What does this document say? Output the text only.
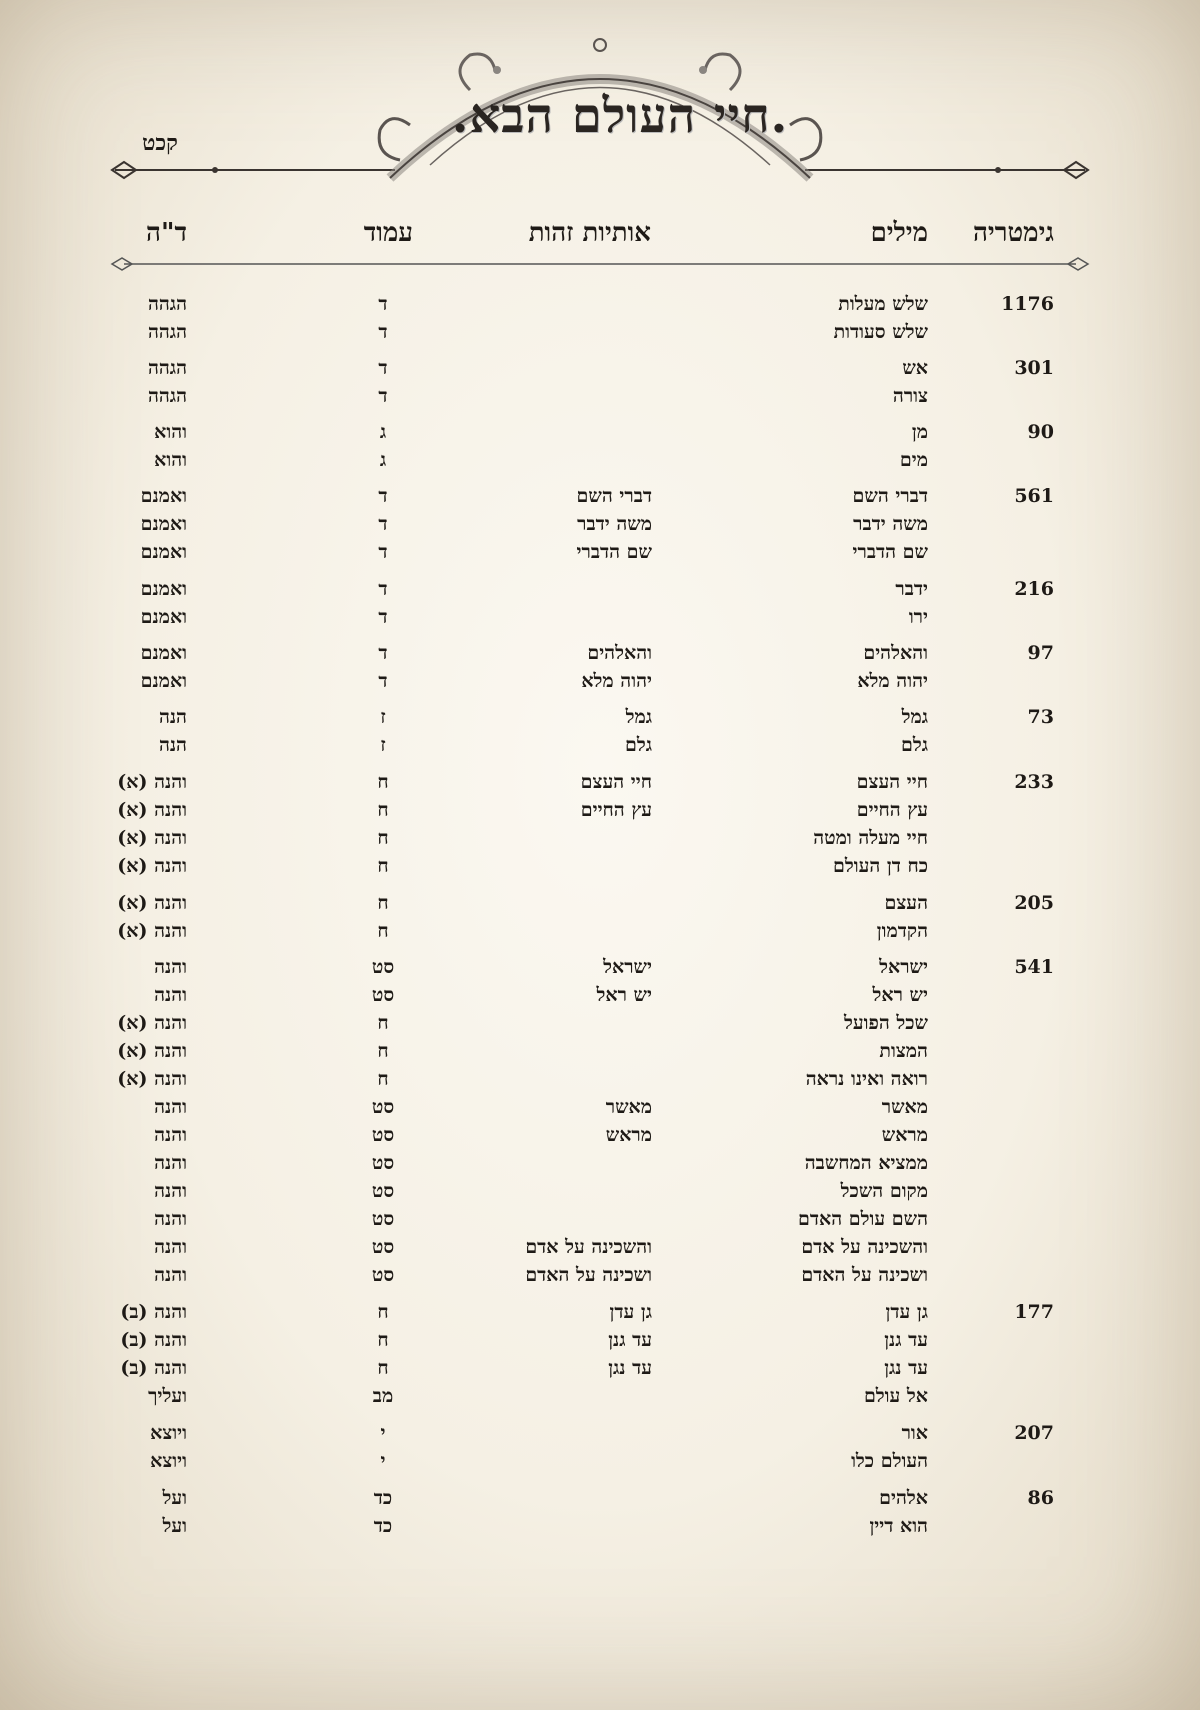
קכט	.חיי העולם הבא.
גימטריה
מילים
אותיות זהות
עמוד
ד"ה
1176
שלש מעלות
ד
הגהה
שלש סעודות
ד
הגהה
301
אש
ד
הגהה
צורה
ד
הגהה
90
מן
ג
והוא
מים
ג
והוא
561
דברי השם
דברי השם
ד
ואמנם
משה ידבר
משה ידבר
ד
ואמנם
שם הדברי
שם הדברי
ד
ואמנם
216
ידבר
ד
ואמנם
ירו
ד
ואמנם
97
והאלהים
והאלהים
ד
ואמנם
יהוה מלא
יהוה מלא
ד
ואמנם
73
גמל
גמל
ז
הנה
גלם
גלם
ז
הנה
233
חיי העצם
חיי העצם
ח
והנה (א)
עץ החיים
עץ החיים
ח
והנה (א)
חיי מעלה ומטה
ח
והנה (א)
כח דן העולם
ח
והנה (א)
205
העצם
ח
והנה (א)
הקדמון
ח
והנה (א)
541
ישראל
ישראל
סט
והנה
יש ראל
יש ראל
סט
והנה
שכל הפועל
ח
והנה (א)
המצות
ח
והנה (א)
רואה ואינו נראה
ח
והנה (א)
מאשר
מאשר
סט
והנה
מראש
מראש
סט
והנה
ממציא המחשבה
סט
והנה
מקום השכל
סט
והנה
השם עולם האדם
סט
והנה
והשכינה על אדם
והשכינה על אדם
סט
והנה
ושכינה על האדם
ושכינה על האדם
סט
והנה
177
גן עדן
גן עדן
ח
והנה (ב)
עד גנן
עד גנן
ח
והנה (ב)
עד נגן
עד נגן
ח
והנה (ב)
אל עולם
מב
ועליך
207
אור
י
ויוצא
העולם כלו
י
ויוצא
86
אלהים
כד
ועל
הוא דיין
כד
ועל
